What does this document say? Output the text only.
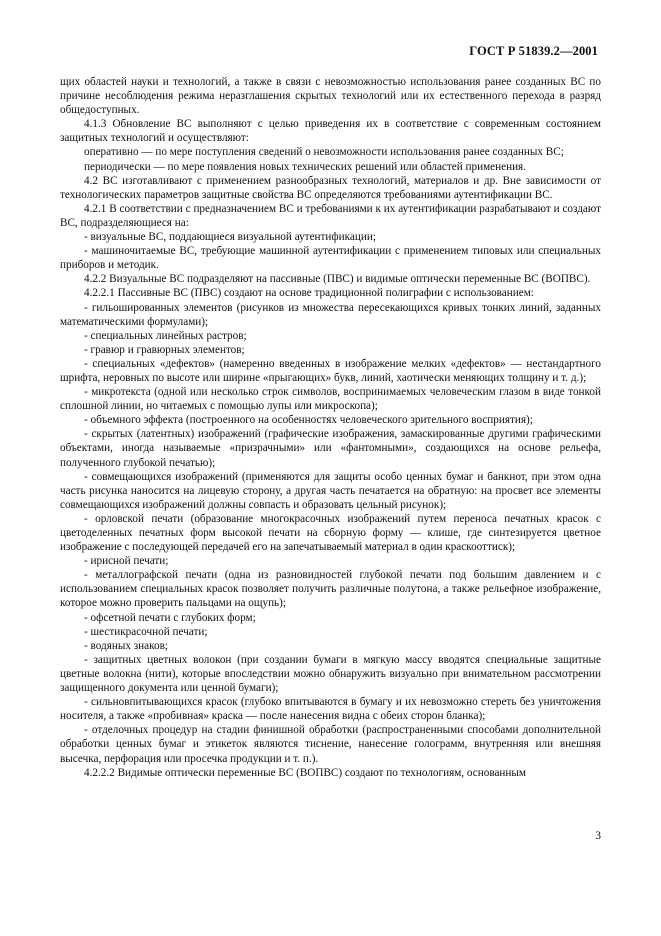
ГОСТ Р 51839.2—2001

щих областей науки и технологий, а также в связи с невозможностью использования ранее созданных ВС по причине несоблюдения режима неразглашения скрытых технологий или их естественного перехода в разряд общедоступных.

4.1.3 Обновление ВС выполняют с целью приведения их в соответствие с современным состоянием защитных технологий и осуществляют:

оперативно — по мере поступления сведений о невозможности использования ранее созданных ВС;

периодически — по мере появления новых технических решений или областей применения.

4.2 ВС изготавливают с применением разнообразных технологий, материалов и др. Вне зависимости от технологических параметров защитные свойства ВС определяются требованиями аутентификации ВС.

4.2.1 В соответствии с предназначением ВС и требованиями к их аутентификации разрабатывают и создают ВС, подразделяющиеся на:

- визуальные ВС, поддающиеся визуальной аутентификации;

- машиночитаемые ВС, требующие машинной аутентификации с применением типовых или специальных приборов и методик.

4.2.2 Визуальные ВС подразделяют на пассивные (ПВС) и видимые оптически переменные ВС (ВОПВС).

4.2.2.1 Пассивные ВС (ПВС) создают на основе традиционной полиграфии с использованием:

- гильошированных элементов (рисунков из множества пересекающихся кривых тонких линий, заданных математическими формулами);

- специальных линейных растров;

- гравюр и гравюрных элементов;

- специальных «дефектов» (намеренно введенных в изображение мелких «дефектов» — нестандартного шрифта, неровных по высоте или ширине «прыгающих» букв, линий, хаотически меняющих толщину и т. д.);

- микротекста (одной или несколько строк символов, воспринимаемых человеческим глазом в виде тонкой сплошной линии, но читаемых с помощью лупы или микроскопа);

- объемного эффекта (построенного на особенностях человеческого зрительного восприятия);

- скрытых (латентных) изображений (графические изображения, замаскированные другими графическими объектами, иногда называемые «призрачными» или «фантомными», создающихся на основе рельефа, полученного глубокой печатью);

- совмещающихся изображений (применяются для защиты особо ценных бумаг и банкнот, при этом одна часть рисунка наносится на лицевую сторону, а другая часть печатается на обратную: на просвет все элементы совмещающихся изображений должны совпасть и образовать цельный рисунок);

- орловской печати (образование многокрасочных изображений путем переноса печатных красок с цветоделенных печатных форм высокой печати на сборную форму — клише, где синтезируется цветное изображение с последующей передачей его на запечатываемый материал в один краскооттиск);

- ирисной печати;

- металлографской печати (одна из разновидностей глубокой печати под большим давлением и с использованием специальных красок позволяет получить различные полутона, а также рельефное изображение, которое можно проверить пальцами на ощупь);

- офсетной печати с глубоких форм;

- шестикрасочной печати;

- водяных знаков;

- защитных цветных волокон (при создании бумаги в мягкую массу вводятся специальные защитные цветные волокна (нити), которые впоследствии можно обнаружить визуально при внимательном рассмотрении защищенного документа или ценной бумаги);

- сильновпитывающихся красок (глубоко впитываются в бумагу и их невозможно стереть без уничтожения носителя, а также «пробивная» краска — после нанесения видна с обеих сторон бланка);

- отделочных процедур на стадии финишной обработки (распространенными способами дополнительной обработки ценных бумаг и этикеток являются тиснение, нанесение голограмм, внутренняя или внешняя высечка, перфорация или просечка продукции и т. п.).

4.2.2.2 Видимые оптически переменные ВС (ВОПВС) создают по технологиям, основанным

3
